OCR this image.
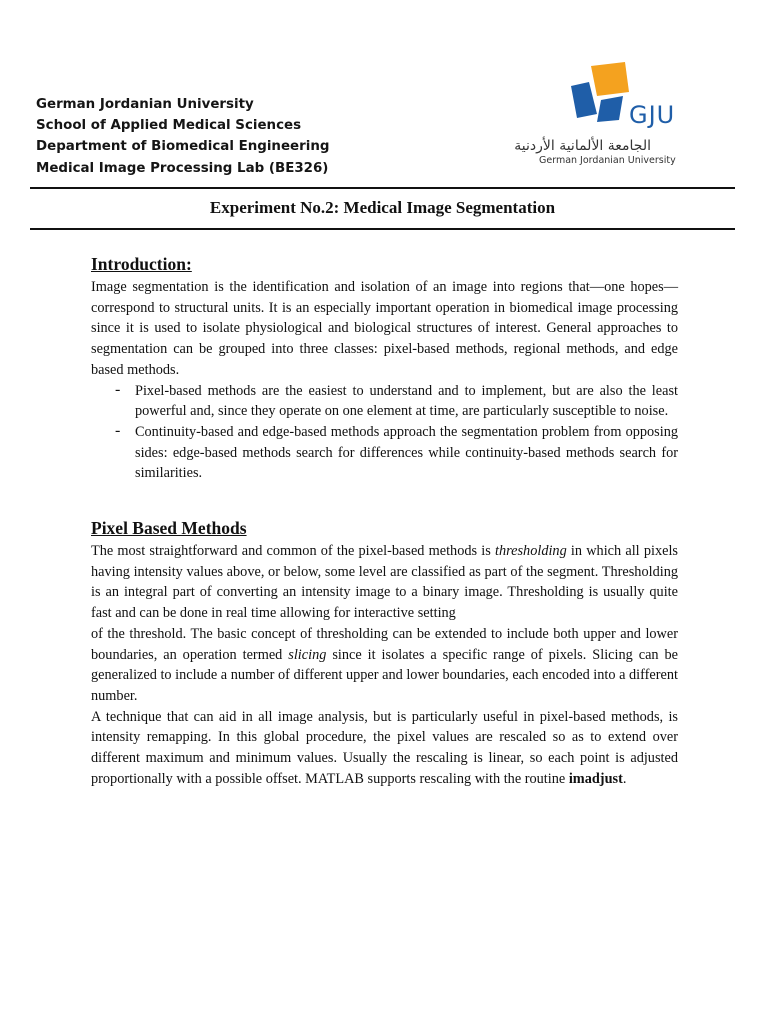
German Jordanian University
School of Applied Medical Sciences
Department of Biomedical Engineering
Medical Image Processing Lab (BE326)
GJU
الجامعة الألمانية الأردنية
German Jordanian University
Experiment No.2: Medical Image Segmentation
Introduction:

Image segmentation is the identification and isolation of an image into regions that—one hopes—correspond to structural units. It is an especially important operation in biomedical image processing since it is used to isolate physiological and biological structures of interest. General approaches to segmentation can be grouped into three classes: pixel-based methods, regional methods, and edge based methods.

- Pixel-based methods are the easiest to understand and to implement, but are also the least powerful and, since they operate on one element at time, are particularly susceptible to noise.

- Continuity-based and edge-based methods approach the segmentation problem from opposing sides: edge-based methods search for differences while continuity-based methods search for similarities.

Pixel Based Methods

The most straightforward and common of the pixel-based methods is thresholding in which all pixels having intensity values above, or below, some level are classified as part of the segment. Thresholding is an integral part of converting an intensity image to a binary image. Thresholding is usually quite fast and can be done in real time allowing for interactive setting

of the threshold. The basic concept of thresholding can be extended to include both upper and lower boundaries, an operation termed slicing since it isolates a specific range of pixels. Slicing can be generalized to include a number of different upper and lower boundaries, each encoded into a different number.

A technique that can aid in all image analysis, but is particularly useful in pixel-based methods, is intensity remapping. In this global procedure, the pixel values are rescaled so as to extend over different maximum and minimum values. Usually the rescaling is linear, so each point is adjusted proportionally with a possible offset. MATLAB supports rescaling with the routine imadjust.
